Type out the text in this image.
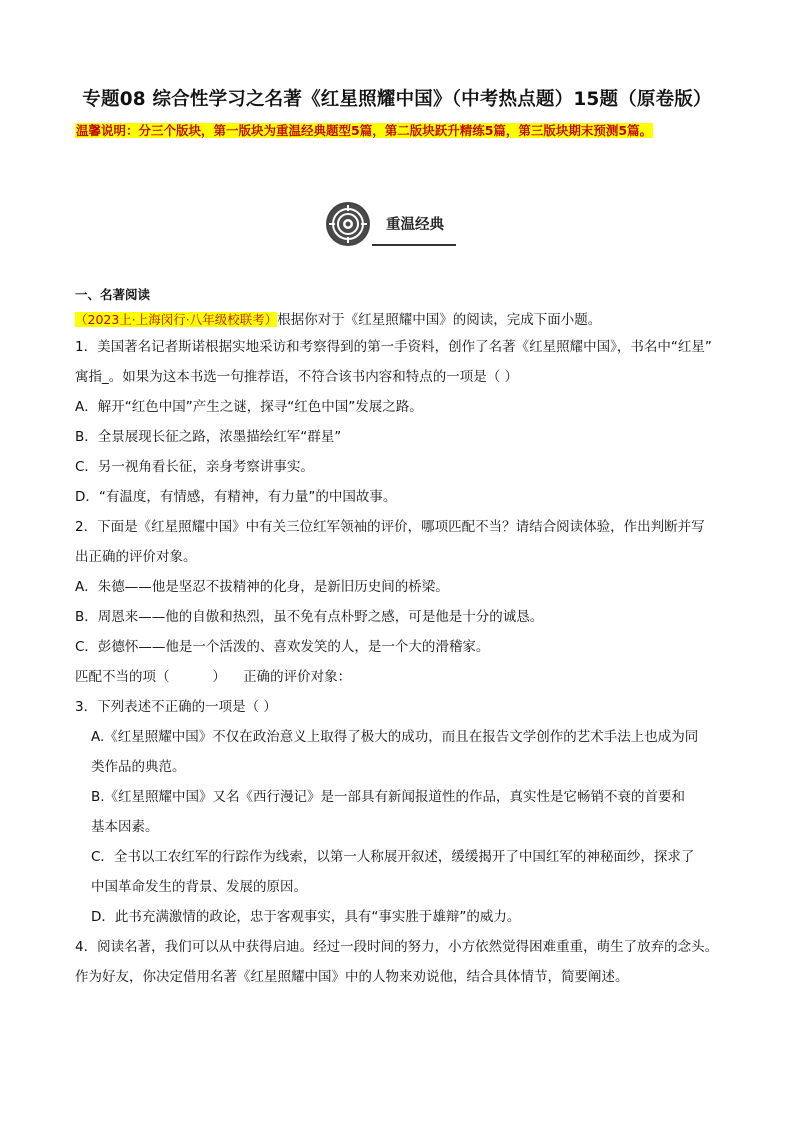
专题08 综合性学习之名著《红星照耀中国》（中考热点题）15题（原卷版）
温馨说明：分三个版块，第一版块为重温经典题型5篇，第二版块跃升精练5篇，第三版块期末预测5篇。
重温经典
一、名著阅读
（2023上·上海闵行·八年级校联考）根据你对于《红星照耀中国》的阅读，完成下面小题。
1．美国著名记者斯诺根据实地采访和考察得到的第一手资料，创作了名著《红星照耀中国》，书名中“红星”
寓指_。如果为这本书选一句推荐语，不符合该书内容和特点的一项是（ ）
A．解开“红色中国”产生之谜，探寻“红色中国”发展之路。
B．全景展现长征之路，浓墨描绘红军“群星”
C．另一视角看长征，亲身考察讲事实。
D．“有温度，有情感，有精神，有力量”的中国故事。
2．下面是《红星照耀中国》中有关三位红军领袖的评价，哪项匹配不当？请结合阅读体验，作出判断并写
出正确的评价对象。
A．朱德——他是坚忍不拔精神的化身，是新旧历史间的桥梁。
B．周恩来——他的自傲和热烈，虽不免有点朴野之感，可是他是十分的诚恳。
C．彭德怀——他是一个活泼的、喜欢发笑的人，是一个大的滑稽家。
匹配不当的项（          ）    正确的评价对象：
3．下列表述不正确的一项是（ ）
A.《红星照耀中国》不仅在政治意义上取得了极大的成功，而且在报告文学创作的艺术手法上也成为同
类作品的典范。
B.《红星照耀中国》又名《西行漫记》是一部具有新闻报道性的作品，真实性是它畅销不衰的首要和
基本因素。
C．全书以工农红军的行踪作为线索，以第一人称展开叙述，缓缓揭开了中国红军的神秘面纱，探求了
中国革命发生的背景、发展的原因。
D．此书充满激情的政论，忠于客观事实，具有“事实胜于雄辩”的威力。
4．阅读名著，我们可以从中获得启迪。经过一段时间的努力，小方依然觉得困难重重，萌生了放弃的念头。
作为好友，你决定借用名著《红星照耀中国》中的人物来劝说他，结合具体情节，简要阐述。
